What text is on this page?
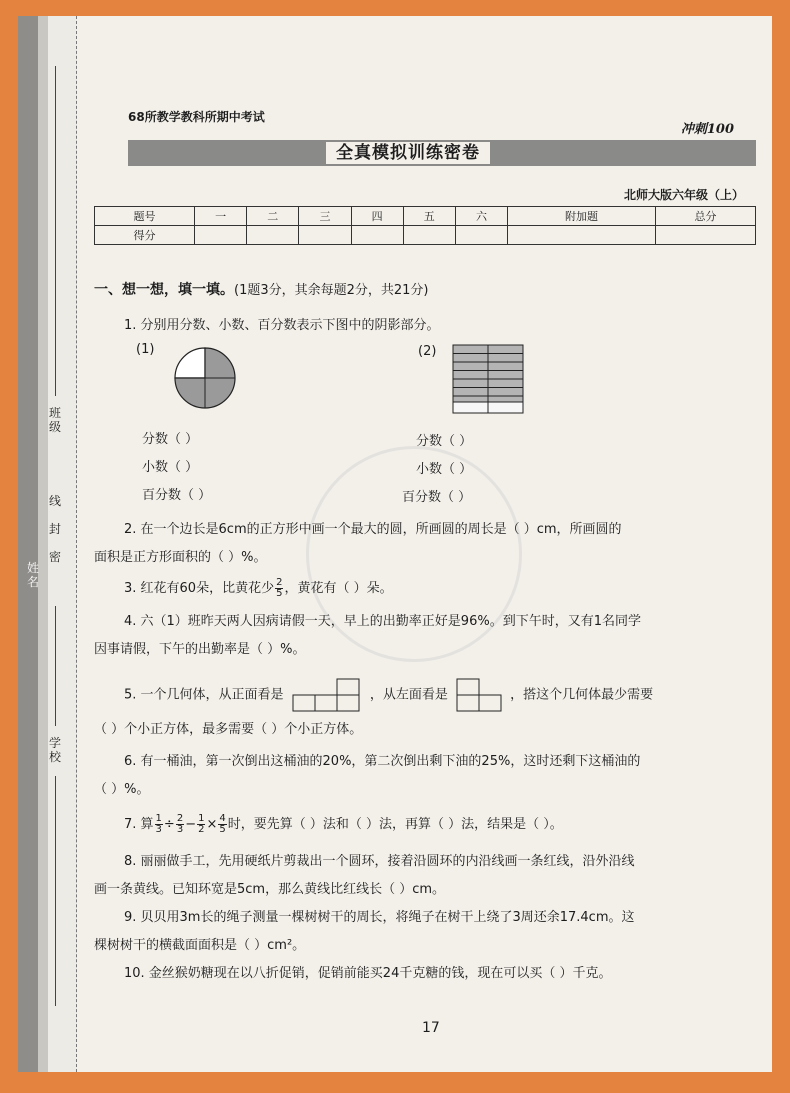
班级
线
封
密
姓名
学校
68所教学教科所期中考试
冲刺100
全真模拟训练密卷
北师大版六年级（上）
题号	一	二	三	四	五	六	附加题	总分
得分								
一、想一想，填一填。(1题3分，其余每题2分，共21分)
1. 分别用分数、小数、百分数表示下图中的阴影部分。
(1)
分数（ ）
小数（ ）
百分数（ ）
(2)
分数（ ）
小数（ ）
百分数（ ）
2. 在一个边长是6cm的正方形中画一个最大的圆，所画圆的周长是（ ）cm，所画圆的
面积是正方形面积的（ ）%。
3. 红花有60朵，比黄花少 $\frac{2}{5}$ ，黄花有（ ）朵。
4. 六（1）班昨天两人因病请假一天，早上的出勤率正好是96%。到下午时，又有1名同学
因事请假，下午的出勤率是（ ）%。
5. 一个几何体，从正面看是	，从左面看是	，搭这个几何体最少需要
（ ）个小正方体，最多需要（ ）个小正方体。
6. 有一桶油，第一次倒出这桶油的20%，第二次倒出剩下油的25%，这时还剩下这桶油的
（ ）%。
7. 算 $\frac{1}{3} \div \frac{2}{3} - \frac{1}{2} \times \frac{4}{5}$ 时，要先算（ ）法和（ ）法，再算（ ）法，结果是（ ）。
8. 丽丽做手工，先用硬纸片剪裁出一个圆环，接着沿圆环的内沿线画一条红线，沿外沿线
画一条黄线。已知环宽是5cm，那么黄线比红线长（ ）cm。
9. 贝贝用3m长的绳子测量一棵树树干的周长，将绳子在树干上绕了3周还余17.4cm。这
棵树树干的横截面面积是（ ）cm²。
10. 金丝猴奶糖现在以八折促销，促销前能买24千克糖的钱，现在可以买（ ）千克。
17
